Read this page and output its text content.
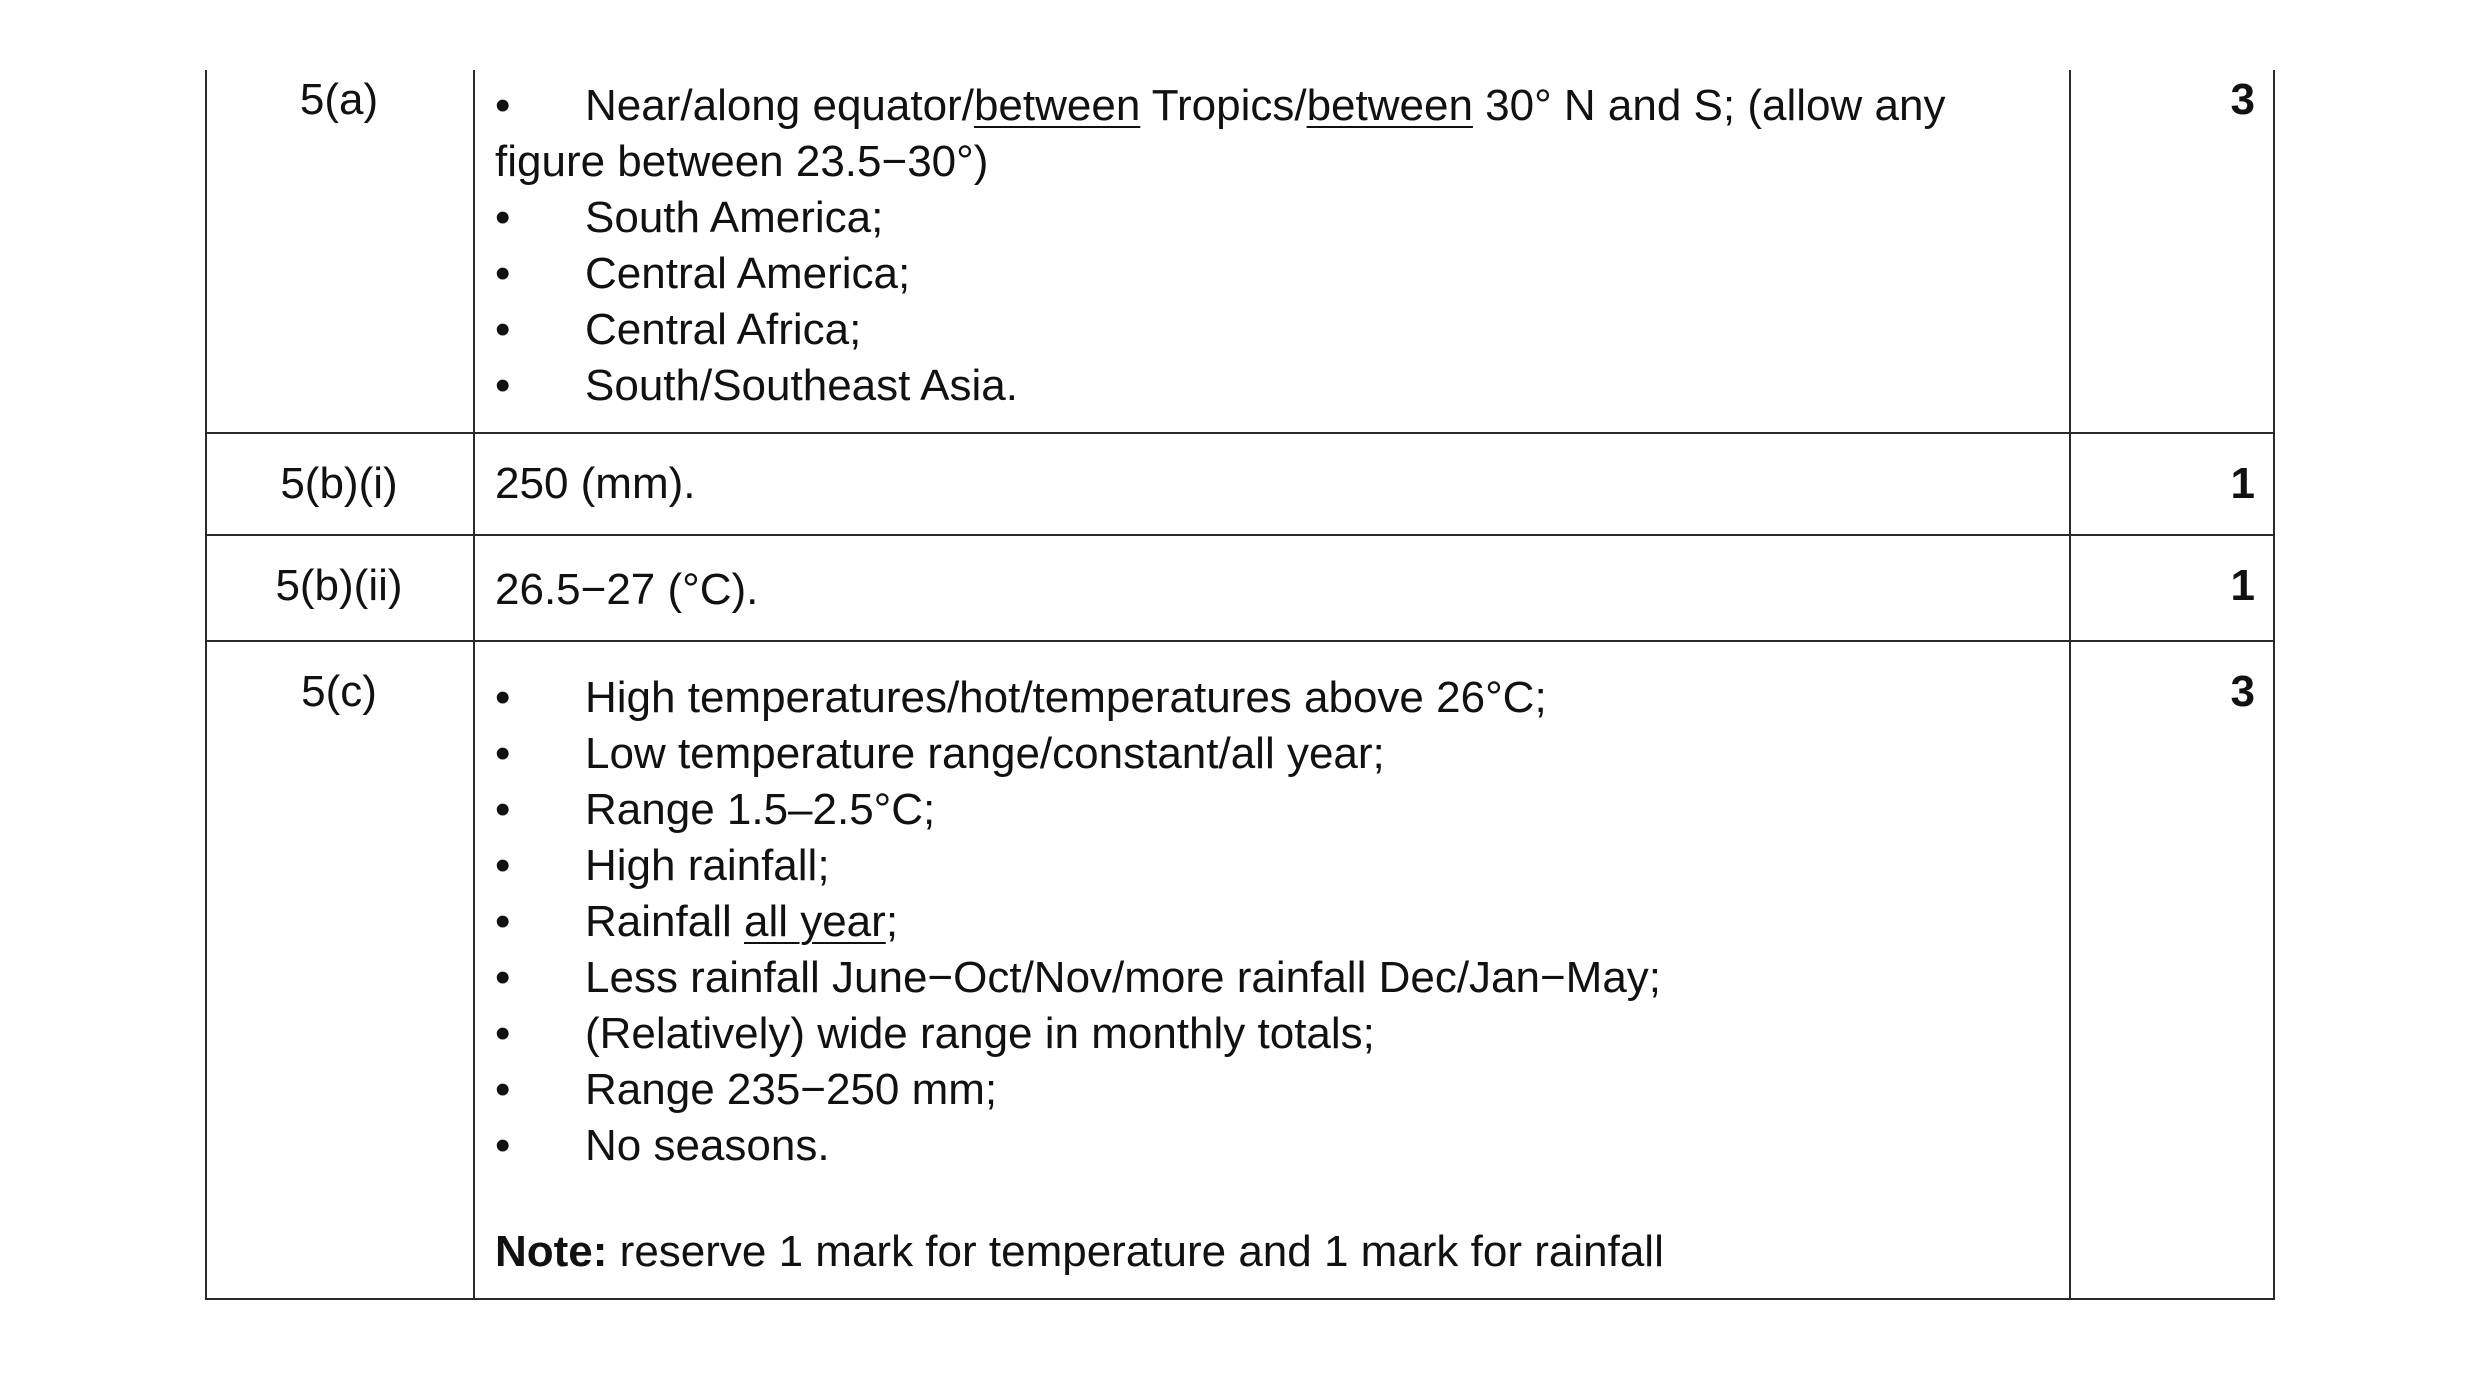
5(a)	•	Near/along equator/between Tropics/between 30° N and S; (allow any
figure between 23.5−30°)
•	South America;
•	Central America;
•	Central Africa;
•	South/Southeast Asia.
3
5(b)(i)	250 (mm).	1
5(b)(ii)	26.5−27 (°C).	1
5(c)	•	High temperatures/hot/temperatures above 26°C;
•	Low temperature range/constant/all year;
•	Range 1.5–2.5°C;
•	High rainfall;
•	Rainfall all year;
•	Less rainfall June−Oct/Nov/more rainfall Dec/Jan−May;
•	(Relatively) wide range in monthly totals;
•	Range 235−250 mm;
•	No seasons.
Note: reserve 1 mark for temperature and 1 mark for rainfall
3
